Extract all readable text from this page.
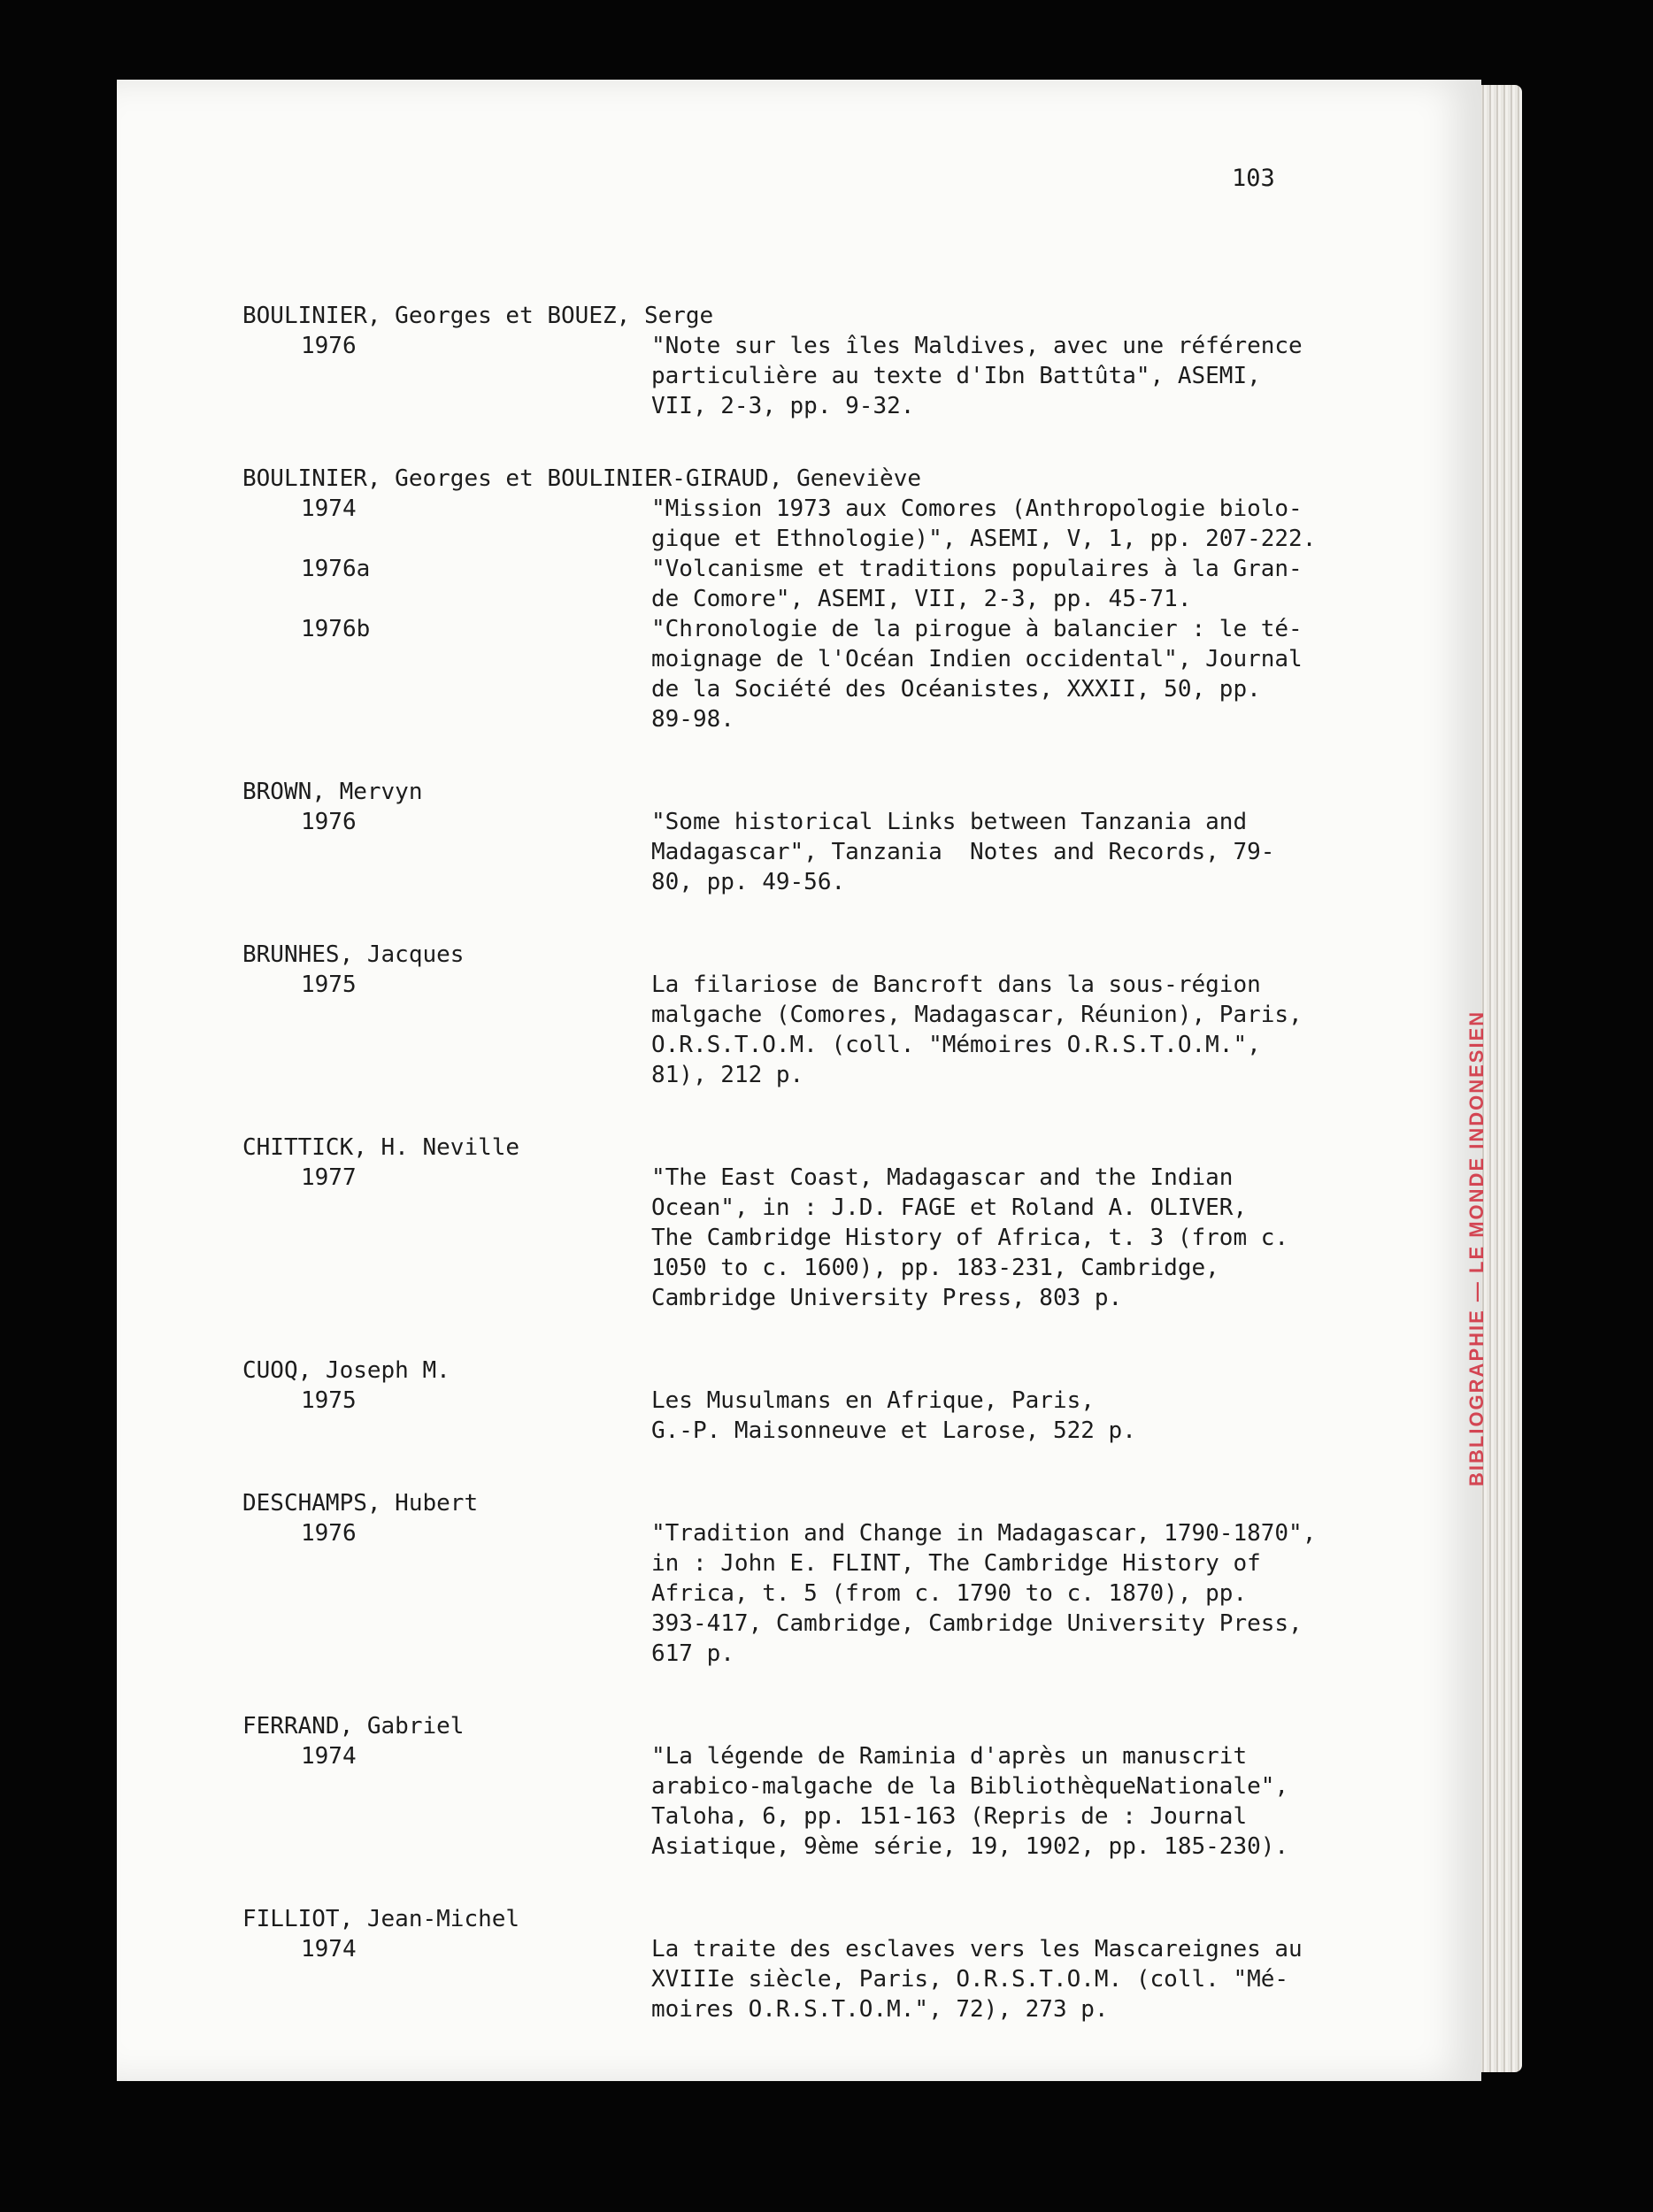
BIBLIOGRAPHIE — LE MONDE INDONESIEN
103
BOULINIER, Georges et BOUEZ, Serge
1976	"Note sur les îles Maldives, avec une référence
particulière au texte d'Ibn Battûta", ASEMI,
VII, 2-3, pp. 9-32.
BOULINIER, Georges et BOULINIER-GIRAUD, Geneviève
1974	"Mission 1973 aux Comores (Anthropologie biolo-
gique et Ethnologie)", ASEMI, V, 1, pp. 207-222.
1976a	"Volcanisme et traditions populaires à la Gran-
de Comore", ASEMI, VII, 2-3, pp. 45-71.
1976b	"Chronologie de la pirogue à balancier : le té-
moignage de l'Océan Indien occidental", Journal
de la Société des Océanistes, XXXII, 50, pp.
89-98.
BROWN, Mervyn
1976	"Some historical Links between Tanzania and
Madagascar", Tanzania  Notes and Records, 79-
80, pp. 49-56.
BRUNHES, Jacques
1975	La filariose de Bancroft dans la sous-région
malgache (Comores, Madagascar, Réunion), Paris,
O.R.S.T.O.M. (coll. "Mémoires O.R.S.T.O.M.",
81), 212 p.
CHITTICK, H. Neville
1977	"The East Coast, Madagascar and the Indian
Ocean", in : J.D. FAGE et Roland A. OLIVER,
The Cambridge History of Africa, t. 3 (from c.
1050 to c. 1600), pp. 183-231, Cambridge,
Cambridge University Press, 803 p.
CUOQ, Joseph M.
1975	Les Musulmans en Afrique, Paris,
G.-P. Maisonneuve et Larose, 522 p.
DESCHAMPS, Hubert
1976	"Tradition and Change in Madagascar, 1790-1870",
in : John E. FLINT, The Cambridge History of
Africa, t. 5 (from c. 1790 to c. 1870), pp.
393-417, Cambridge, Cambridge University Press,
617 p.
FERRAND, Gabriel
1974	"La légende de Raminia d'après un manuscrit
arabico-malgache de la BibliothèqueNationale",
Taloha, 6, pp. 151-163 (Repris de : Journal
Asiatique, 9ème série, 19, 1902, pp. 185-230).
FILLIOT, Jean-Michel
1974	La traite des esclaves vers les Mascareignes au
XVIIIe siècle, Paris, O.R.S.T.O.M. (coll. "Mé-
moires O.R.S.T.O.M.", 72), 273 p.
